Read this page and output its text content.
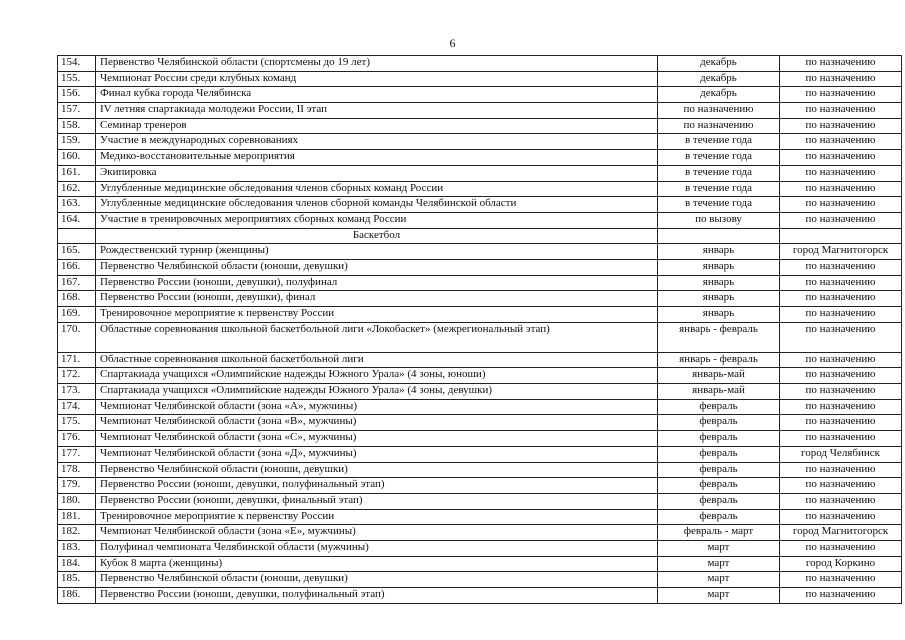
6
154.	Первенство Челябинской области (спортсмены до 19 лет)	декабрь	по назначению
155.	Чемпионат России среди клубных команд	декабрь	по назначению
156.	Финал кубка города Челябинска	декабрь	по назначению
157.	IV летняя спартакиада молодежи России, II этап	по назначению	по назначению
158.	Семинар тренеров	по назначению	по назначению
159.	Участие в международных соревнованиях	в течение года	по назначению
160.	Медико-восстановительные мероприятия	в течение года	по назначению
161.	Экипировка	в течение года	по назначению
162.	Углубленные медицинские обследования членов сборных команд России	в течение года	по назначению
163.	Углубленные медицинские обследования членов сборной команды Челябинской области	в течение года	по назначению
164.	Участие в тренировочных мероприятиях сборных команд России	по вызову	по назначению
	Баскетбол		
165.	Рождественский турнир (женщины)	январь	город Магнитогорск
166.	Первенство Челябинской области (юноши, девушки)	январь	по назначению
167.	Первенство России (юноши, девушки), полуфинал	январь	по назначению
168.	Первенство России (юноши, девушки), финал	январь	по назначению
169.	Тренировочное мероприятие к первенству России	январь	по назначению
170.	Областные соревнования школьной баскетбольной лиги «Локобаскет» (межрегиональный этап)	январь - февраль	по назначению
171.	Областные соревнования школьной баскетбольной лиги	январь - февраль	по назначению
172.	Спартакиада учащихся «Олимпийские надежды Южного Урала» (4 зоны, юноши)	январь-май	по назначению
173.	Спартакиада учащихся «Олимпийские надежды Южного Урала» (4 зоны, девушки)	январь-май	по назначению
174.	Чемпионат Челябинской области (зона «А», мужчины)	февраль	по назначению
175.	Чемпионат Челябинской области (зона «В», мужчины)	февраль	по назначению
176.	Чемпионат Челябинской области (зона «С», мужчины)	февраль	по назначению
177.	Чемпионат Челябинской области (зона «Д», мужчины)	февраль	город Челябинск
178.	Первенство Челябинской области (юноши, девушки)	февраль	по назначению
179.	Первенство России (юноши, девушки, полуфинальный этап)	февраль	по назначению
180.	Первенство России (юноши, девушки, финальный этап)	февраль	по назначению
181.	Тренировочное мероприятие к первенству России	февраль	по назначению
182.	Чемпионат Челябинской области (зона «Е», мужчины)	февраль - март	город Магнитогорск
183.	Полуфинал чемпионата Челябинской области (мужчины)	март	по назначению
184.	Кубок 8 марта (женщины)	март	город Коркино
185.	Первенство Челябинской области (юноши, девушки)	март	по назначению
186.	Первенство России (юноши, девушки, полуфинальный этап)	март	по назначению
